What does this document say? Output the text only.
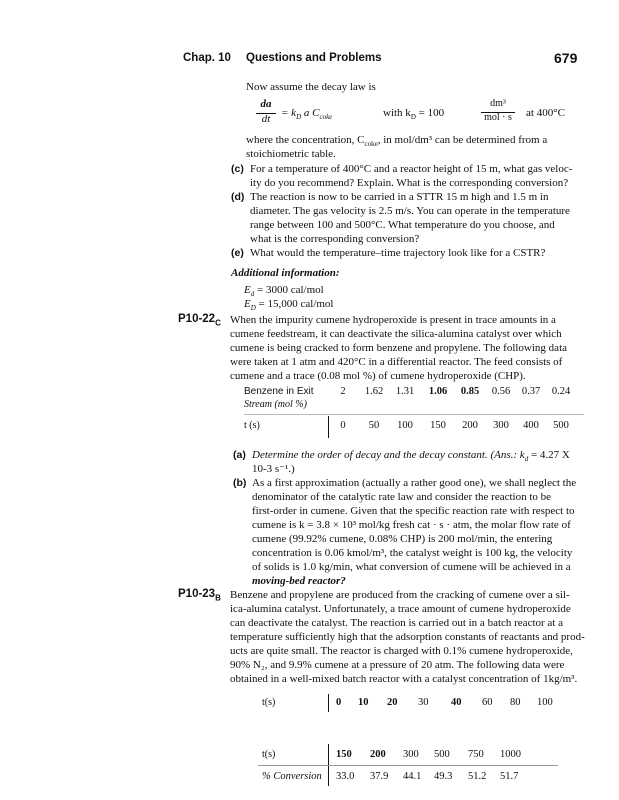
Chap. 10 Questions and Problems	679
Now assume the decay law is
da
dt = $k_D$ a $C_{coke}$	with $k_D = 100$
dm³
mol · s	at 400°C
where the concentration, $C_{coke}$, in mol/dm³ can be determined from a
stoichiometric table.
(c) For a temperature of 400°C and a reactor height of 15 m, what gas veloc-
ity do you recommend? Explain. What is the corresponding conversion?
(d) The reaction is now to be carried in a STTR 15 m high and 1.5 m in
diameter. The gas velocity is 2.5 m/s. You can operate in the temperature
range between 100 and 500°C. What temperature do you choose, and
what is the corresponding conversion?
(e) What would the temperature–time trajectory look like for a CSTR?
Additional information:
$E_d = 3000$ cal/mol
$E_D = 15,000$ cal/mol
$P10-22_C$ When the impurity cumene hydroperoxide is present in trace amounts in a
cumene feedstream, it can deactivate the silica-alumina catalyst over which
cumene is being cracked to form benzene and propylene. The following data
were taken at 1 atm and 420°C in a differential reactor. The feed consists of
cumene and a trace (0.08 mol %) of cumene hydroperoxide (CHP).
Benzene in Exit
Stream (mol %)
2	1.62	1.31	1.06	0.85	0.56	0.37	0.24
t (s)	0	50	100	150	200	300	400	500
(a) Determine the order of decay and the decay constant. (Ans.: $k_d = 4.27$ X
10-3 s⁻¹.)
(b) As a first approximation (actually a rather good one), we shall neglect the
denominator of the catalytic rate law and consider the reaction to be
first-order in cumene. Given that the specific reaction rate with respect to
cumene is k = 3.8 × 10³ mol/kg fresh cat · s · atm, the molar flow rate of
cumene (99.92% cumene, 0.08% CHP) is 200 mol/min, the entering
concentration is 0.06 kmol/m³, the catalyst weight is 100 kg, the velocity
of solids is 1.0 kg/min, what conversion of cumene will be achieved in a
moving-bed reactor?
$P10-23_B$ Benzene and propylene are produced from the cracking of cumene over a sil-
ica-alumina catalyst. Unfortunately, a trace amount of cumene hydroperoxide
can deactivate the catalyst. The reaction is carried out in a batch reactor at a
temperature sufficiently high that the adsorption constants of reactants and prod-
ucts are quite small. The reactor is charged with 0.1% cumene hydroperoxide,
90% N₂, and 9.9% cumene at a pressure of 20 atm. The following data were
obtained in a well-mixed batch reactor with a catalyst concentration of 1kg/m³.
t(s)	0	10	20	30	40	60	80	100
t(s)	150	200	300	500	750	1000
% Conversion 33.0	37.9	44.1	49.3	51.2	51.7
